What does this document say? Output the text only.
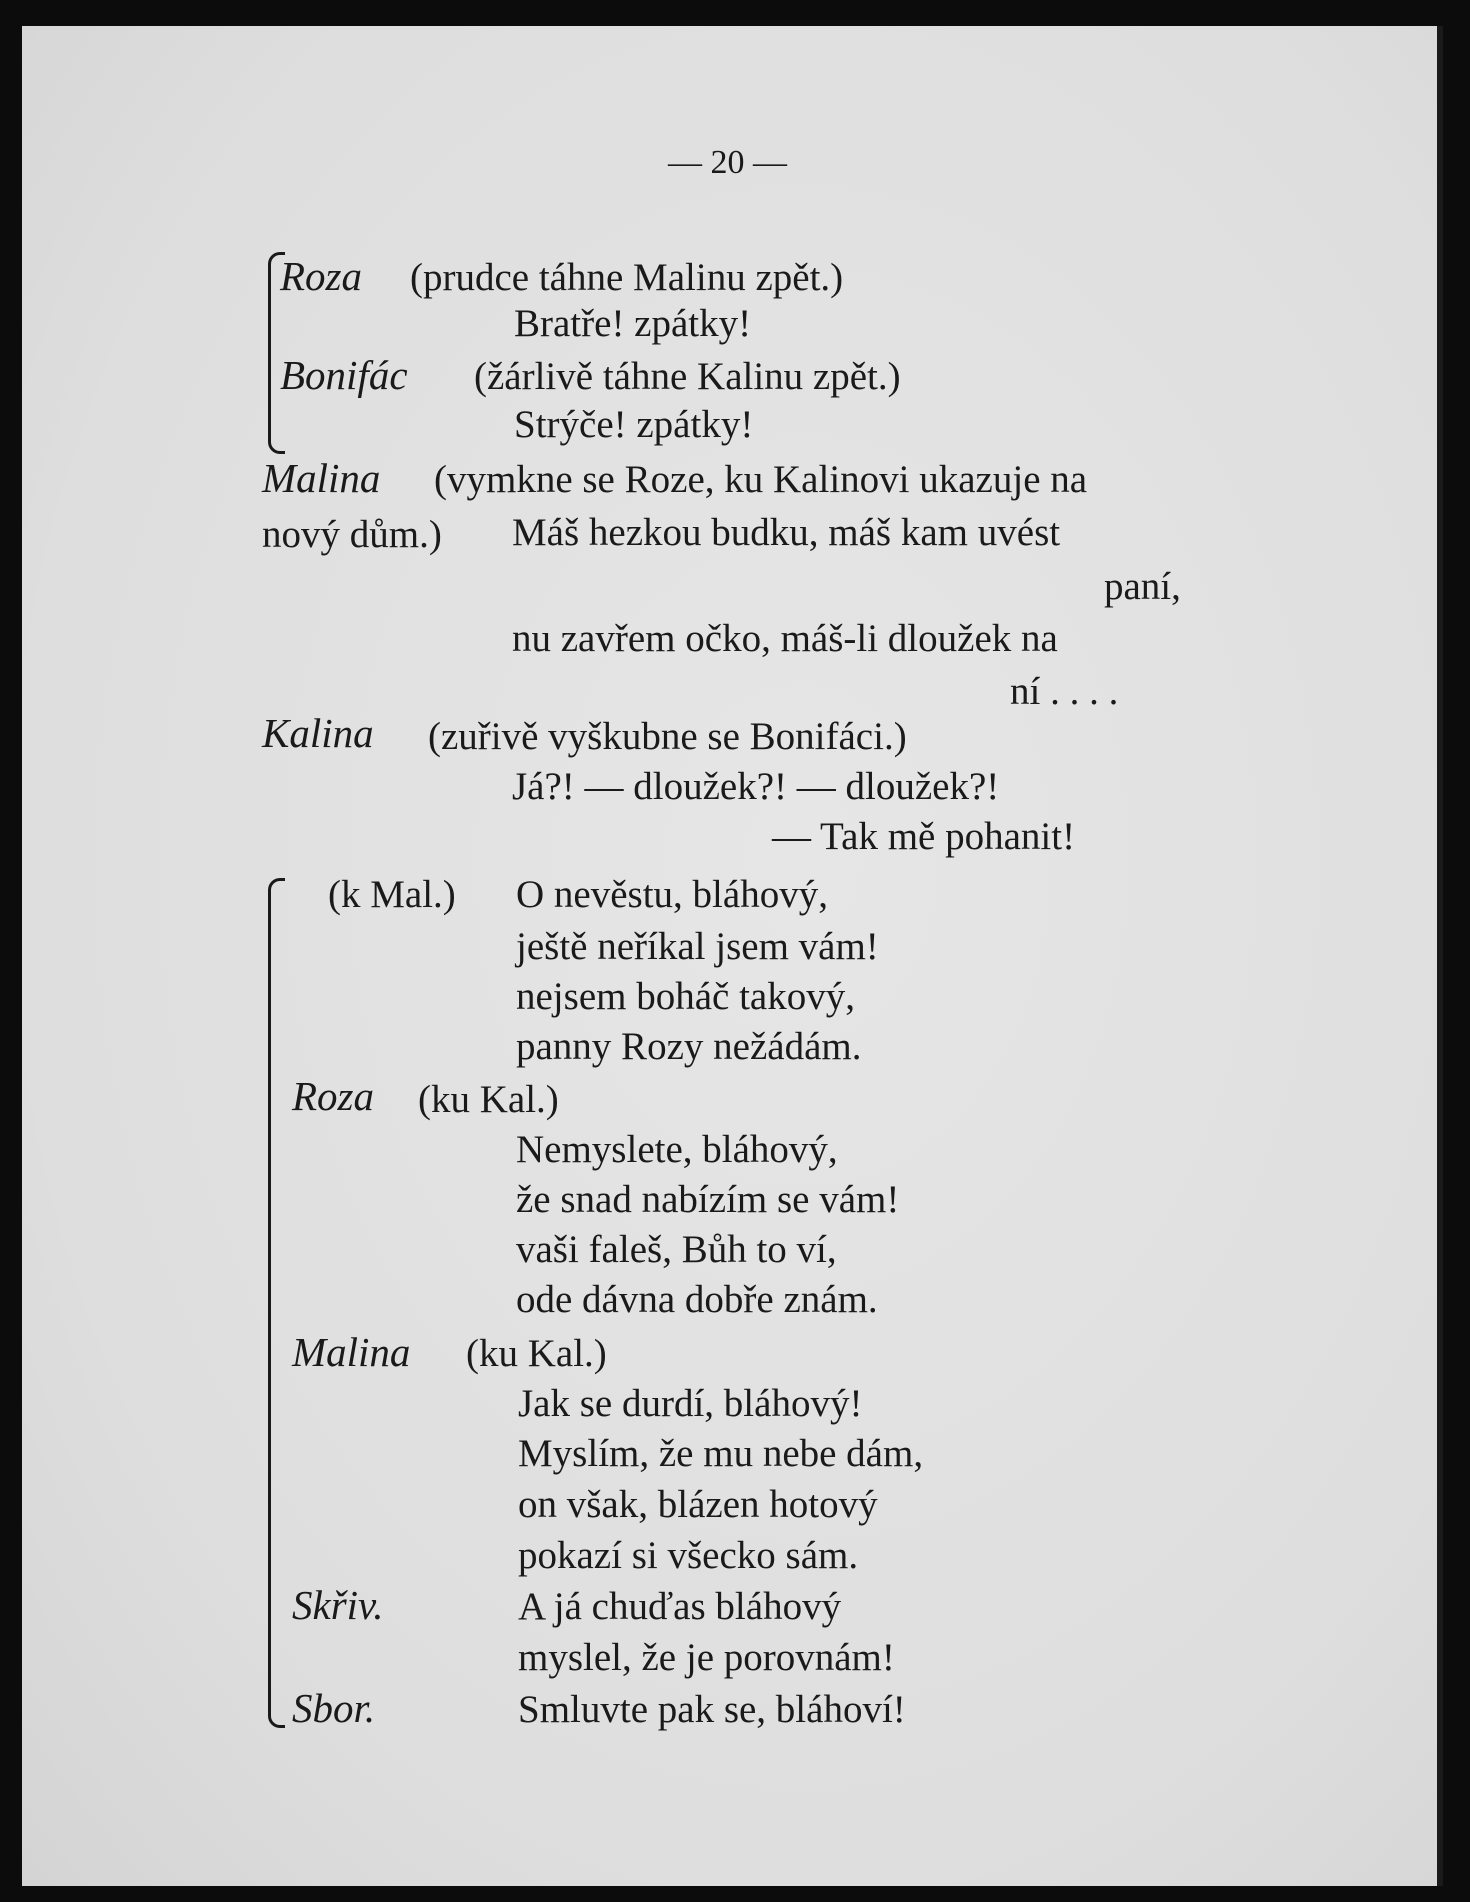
— 20 —
Roza (prudce táhne Malinu zpět.)
Bratře! zpátky!
Bonifác (žárlivě táhne Kalinu zpět.)
Strýče! zpátky!
Malina (vymkne se Roze, ku Kalinovi ukazuje na
nový dům.) Máš hezkou budku, máš kam uvést
paní,
nu zavřem očko, máš-li dloužek na
ní . . . .
Kalina (zuřivě vyškubne se Bonifáci.)
Já?! — dloužek?! — dloužek?!
— Tak mě pohanit!
(k Mal.) O nevěstu, bláhový,
ještě neříkal jsem vám!
nejsem boháč takový,
panny Rozy nežádám.
Roza (ku Kal.)
Nemyslete, bláhový,
že snad nabízím se vám!
vaši faleš, Bůh to ví,
ode dávna dobře znám.
Malina (ku Kal.)
Jak se durdí, bláhový!
Myslím, že mu nebe dám,
on však, blázen hotový
pokazí si všecko sám.
Skřiv.	A já chuďas bláhový
myslel, že je porovnám!
Sbor.	Smluvte pak se, bláhoví!
